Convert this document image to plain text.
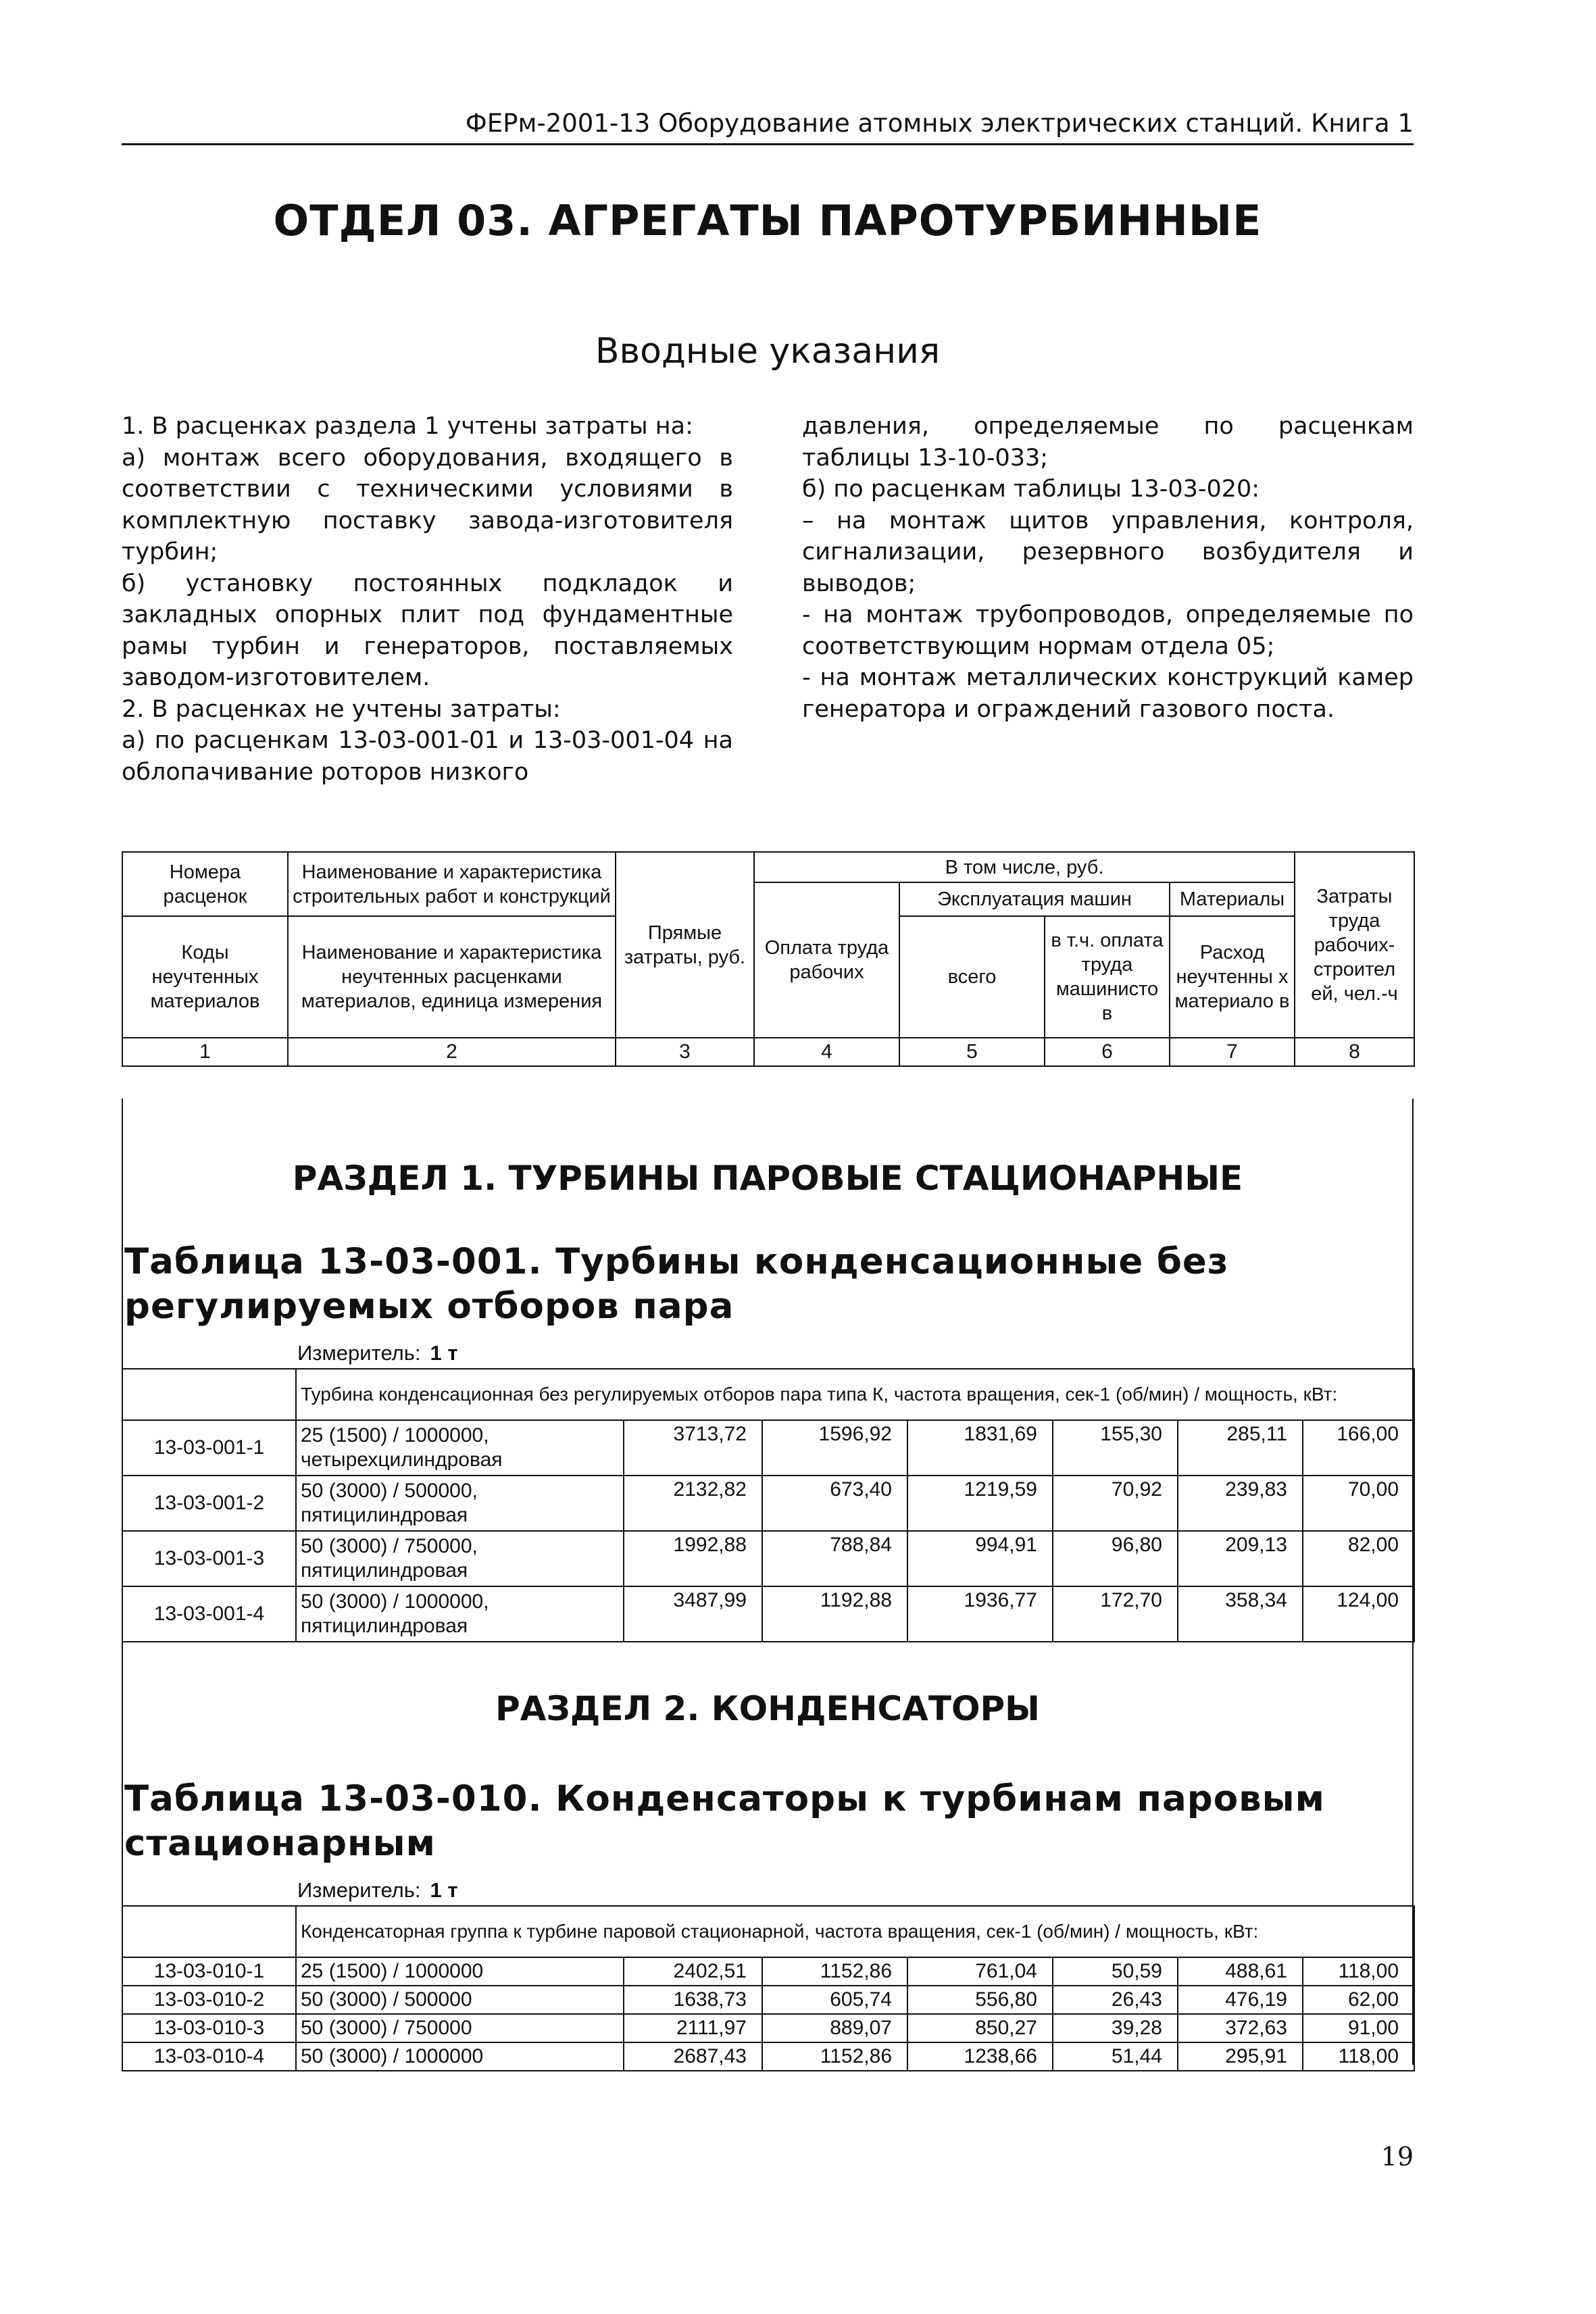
ФЕРм-2001-13 Оборудование атомных электрических станций. Книга 1
ОТДЕЛ 03. АГРЕГАТЫ ПАРОТУРБИННЫЕ
Вводные указания

1. В расценках раздела 1 учтены затраты на:

а) монтаж всего оборудования, входящего в соответствии с техническими условиями в комплектную поставку завода-изготовителя турбин;

б) установку постоянных подкладок и закладных опорных плит под фундаментные рамы турбин и генераторов, поставляемых заводом-изготовителем.

2. В расценках не учтены затраты:

а) по расценкам 13-03-001-01 и 13-03-001-04 на облопачивание роторов низкого

давления, определяемые по расценкам таблицы 13-10-033;

б) по расценкам таблицы 13-03-020:

– на монтаж щитов управления, контроля, сигнализации, резервного возбудителя и выводов;

- на монтаж трубопроводов, определяемые по соответствующим нормам отдела 05;

- на монтаж металлических конструкций камер генератора и ограждений газового поста.

Номера расценок	Наименование и характеристика строительных работ и конструкций	Прямые затраты, руб.	В том числе, руб.				Затраты труда рабочих-строител ей, чел.-ч
			Оплата труда рабочих	Эксплуатация машин		Материалы	
Коды неучтенных материалов	Наименование и характеристика неучтенных расценками материалов, единица измерения			всего	в т.ч. оплата труда машинисто в	Расход неучтенны х материало в	

1	2	3	4	5	6	7	8
РАЗДЕЛ 1. ТУРБИНЫ ПАРОВЫЕ СТАЦИОНАРНЫЕ
Таблица 13-03-001. Турбины конденсационные без регулируемых отборов пара
Измеритель: 1 т
	Турбина конденсационная без регулируемых отборов пара типа К, частота вращения, сек-1 (об/мин) / мощность, кВт:						
13-03-001-1	25 (1500) / 1000000, четырехцилиндровая	3713,72	1596,92	1831,69	155,30	285,11	166,00
13-03-001-2	50 (3000) / 500000, пятицилиндровая	2132,82	673,40	1219,59	70,92	239,83	70,00
13-03-001-3	50 (3000) / 750000, пятицилиндровая	1992,88	788,84	994,91	96,80	209,13	82,00
13-03-001-4	50 (3000) / 1000000, пятицилиндровая	3487,99	1192,88	1936,77	172,70	358,34	124,00
РАЗДЕЛ 2. КОНДЕНСАТОРЫ
Таблица 13-03-010. Конденсаторы к турбинам паровым стационарным
Измеритель: 1 т
	Конденсаторная группа к турбине паровой стационарной, частота вращения, сек-1 (об/мин) / мощность, кВт:						
13-03-010-1	25 (1500) / 1000000	2402,51	1152,86	761,04	50,59	488,61	118,00
13-03-010-2	50 (3000) / 500000	1638,73	605,74	556,80	26,43	476,19	62,00
13-03-010-3	50 (3000) / 750000	2111,97	889,07	850,27	39,28	372,63	91,00
13-03-010-4	50 (3000) / 1000000	2687,43	1152,86	1238,66	51,44	295,91	118,00
19
